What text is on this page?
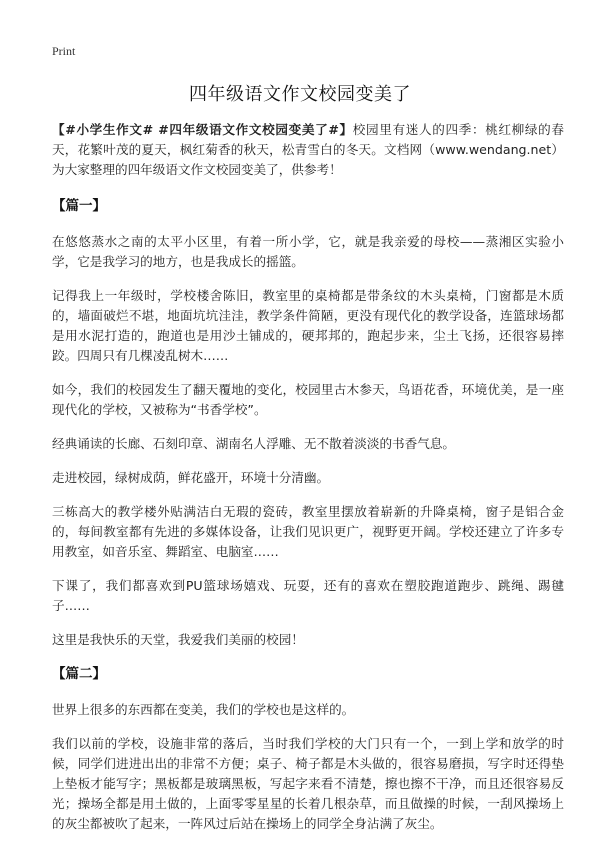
Print
四年级语文作文校园变美了

【#小学生作文# #四年级语文作文校园变美了#】校园里有迷人的四季：桃红柳绿的春天，花繁叶茂的夏天，枫红菊香的秋天，松青雪白的冬天。文档网（www.wendang.net）为大家整理的四年级语文作文校园变美了，供参考！

【篇一】

在悠悠蒸水之南的太平小区里，有着一所小学，它，就是我亲爱的母校——蒸湘区实验小学，它是我学习的地方，也是我成长的摇篮。

记得我上一年级时，学校楼舍陈旧，教室里的桌椅都是带条纹的木头桌椅，门窗都是木质的，墙面破烂不堪，地面坑坑洼洼，教学条件简陋，更没有现代化的教学设备，连篮球场都是用水泥打造的，跑道也是用沙土铺成的，硬邦邦的，跑起步来，尘土飞扬，还很容易摔跤。四周只有几棵凌乱树木……

如今，我们的校园发生了翻天覆地的变化，校园里古木参天，鸟语花香，环境优美，是一座现代化的学校，又被称为“书香学校”。

经典诵读的长廊、石刻印章、湖南名人浮雕、无不散着淡淡的书香气息。

走进校园，绿树成荫，鲜花盛开，环境十分清幽。

三栋高大的教学楼外贴满洁白无瑕的瓷砖，教室里摆放着崭新的升降桌椅，窗子是铝合金的，每间教室都有先进的多媒体设备，让我们见识更广，视野更开阔。学校还建立了许多专用教室，如音乐室、舞蹈室、电脑室……

下课了，我们都喜欢到PU篮球场嬉戏、玩耍，还有的喜欢在塑胶跑道跑步、跳绳、踢毽子……

这里是我快乐的天堂，我爱我们美丽的校园！

【篇二】

世界上很多的东西都在变美，我们的学校也是这样的。

我们以前的学校，设施非常的落后，当时我们学校的大门只有一个，一到上学和放学的时候，同学们进进出出的非常不方便；桌子、椅子都是木头做的，很容易磨损，写字时还得垫上垫板才能写字；黑板都是玻璃黑板，写起字来看不清楚，擦也擦不干净，而且还很容易反光；操场全都是用土做的，上面零零星星的长着几根杂草，而且做操的时候，一刮风操场上的灰尘都被吹了起来，一阵风过后站在操场上的同学全身沾满了灰尘。
